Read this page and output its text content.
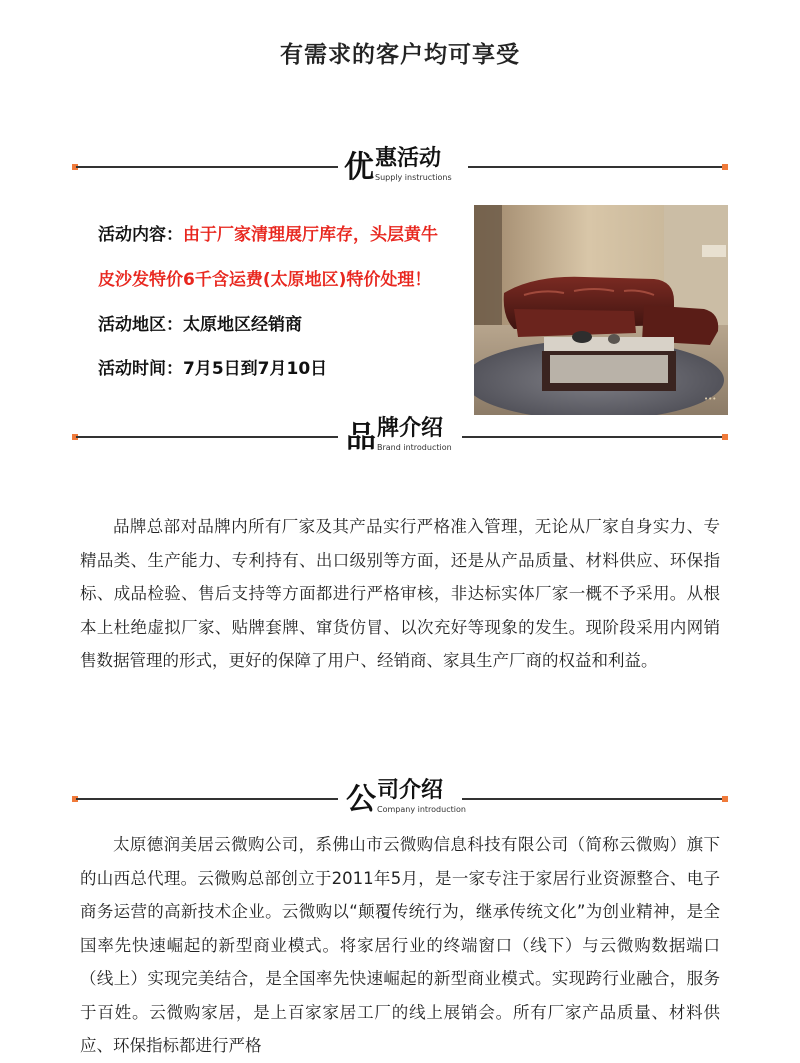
有需求的客户均可享受
优 惠活动
Supply instructions
活动内容：由于厂家清理展厅库存，头层黄牛
皮沙发特价6千含运费(太原地区)特价处理！
活动地区：太原地区经销商
活动时间：7月5日到7月10日
•••
品 牌介绍
Brand introduction

品牌总部对品牌内所有厂家及其产品实行严格准入管理，无论从厂家自身实力、专精品类、生产能力、专利持有、出口级别等方面，还是从产品质量、材料供应、环保指标、成品检验、售后支持等方面都进行严格审核，非达标实体厂家一概不予采用。从根本上杜绝虚拟厂家、贴牌套牌、窜货仿冒、以次充好等现象的发生。现阶段采用内网销售数据管理的形式，更好的保障了用户、经销商、家具生产厂商的权益和利益。

公 司介绍
Company introduction

太原德润美居云微购公司，系佛山市云微购信息科技有限公司（简称云微购）旗下的山西总代理。云微购总部创立于2011年5月，是一家专注于家居行业资源整合、电子商务运营的高新技术企业。云微购以“颠覆传统行为，继承传统文化”为创业精神，是全国率先快速崛起的新型商业模式。将家居行业的终端窗口（线下）与云微购数据端口（线上）实现完美结合，是全国率先快速崛起的新型商业模式。实现跨行业融合，服务于百姓。云微购家居，是上百家家居工厂的线上展销会。所有厂家产品质量、材料供应、环保指标都进行严格
